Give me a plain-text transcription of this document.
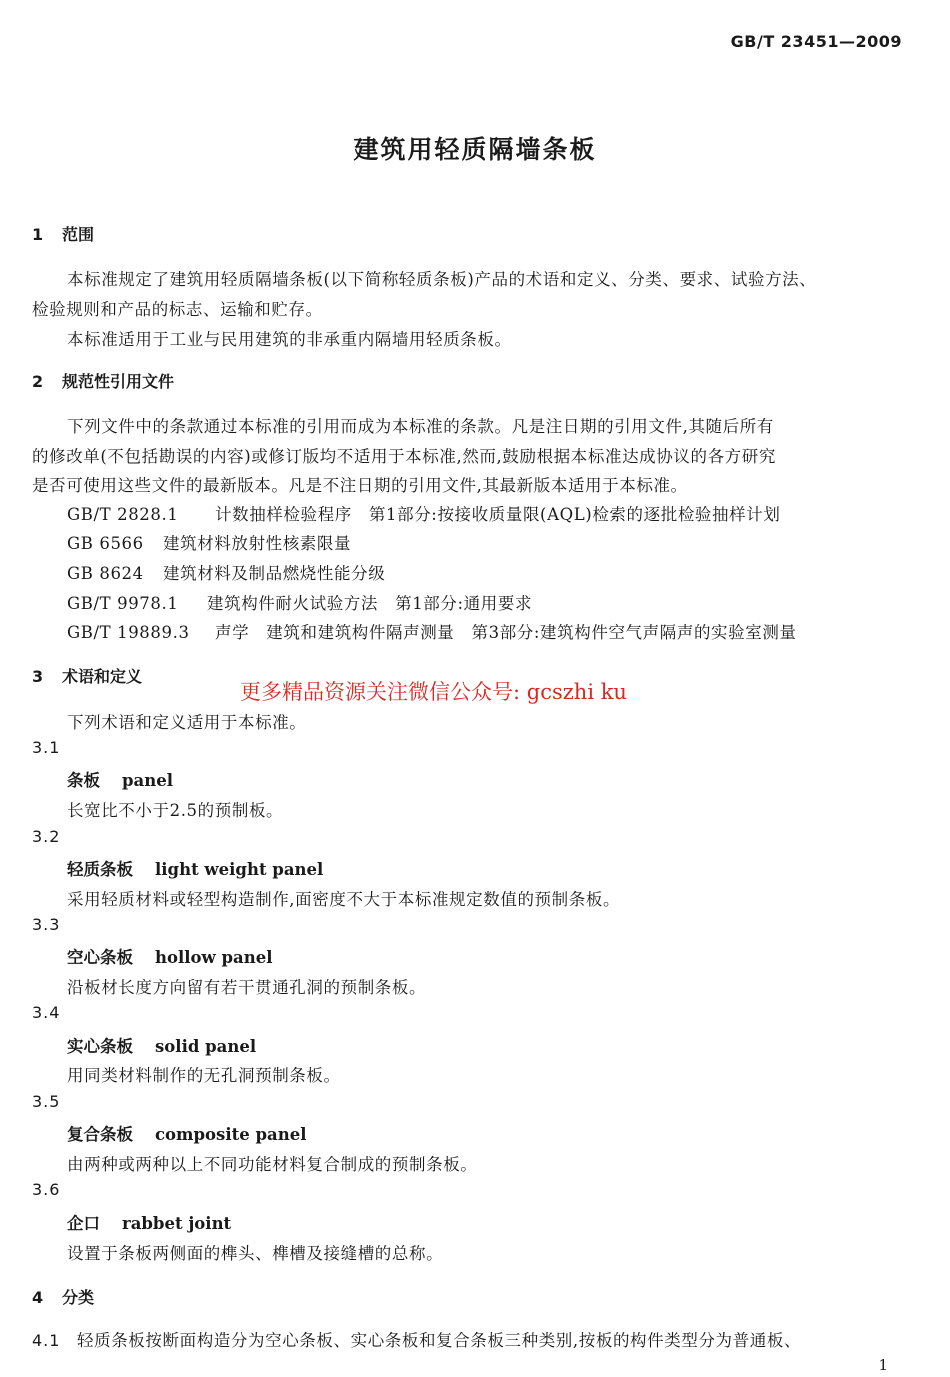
GB/T 23451—2009
建筑用轻质隔墙条板
1 范围
本标准规定了建筑用轻质隔墙条板(以下简称轻质条板)产品的术语和定义、分类、要求、试验方法、
检验规则和产品的标志、运输和贮存。
本标准适用于工业与民用建筑的非承重内隔墙用轻质条板。
2 规范性引用文件
下列文件中的条款通过本标准的引用而成为本标准的条款。凡是注日期的引用文件,其随后所有
的修改单(不包括勘误的内容)或修订版均不适用于本标准,然而,鼓励根据本标准达成协议的各方研究
是否可使用这些文件的最新版本。凡是不注日期的引用文件,其最新版本适用于本标准。
GB/T 2828.1 计数抽样检验程序　第1部分:按接收质量限(AQL)检索的逐批检验抽样计划
GB 6566 建筑材料放射性核素限量
GB 8624 建筑材料及制品燃烧性能分级
GB/T 9978.1 建筑构件耐火试验方法　第1部分:通用要求
GB/T 19889.3 声学　建筑和建筑构件隔声测量　第3部分:建筑构件空气声隔声的实验室测量
3 术语和定义
更多精品资源关注微信公众号: gcszhi ku
下列术语和定义适用于本标准。
3.1
条板 panel
长宽比不小于2.5的预制板。
3.2
轻质条板 light weight panel
采用轻质材料或轻型构造制作,面密度不大于本标准规定数值的预制条板。
3.3
空心条板 hollow panel
沿板材长度方向留有若干贯通孔洞的预制条板。
3.4
实心条板 solid panel
用同类材料制作的无孔洞预制条板。
3.5
复合条板 composite panel
由两种或两种以上不同功能材料复合制成的预制条板。
3.6
企口 rabbet joint
设置于条板两侧面的榫头、榫槽及接缝槽的总称。
4 分类
4.1 轻质条板按断面构造分为空心条板、实心条板和复合条板三种类别,按板的构件类型分为普通板、
1
